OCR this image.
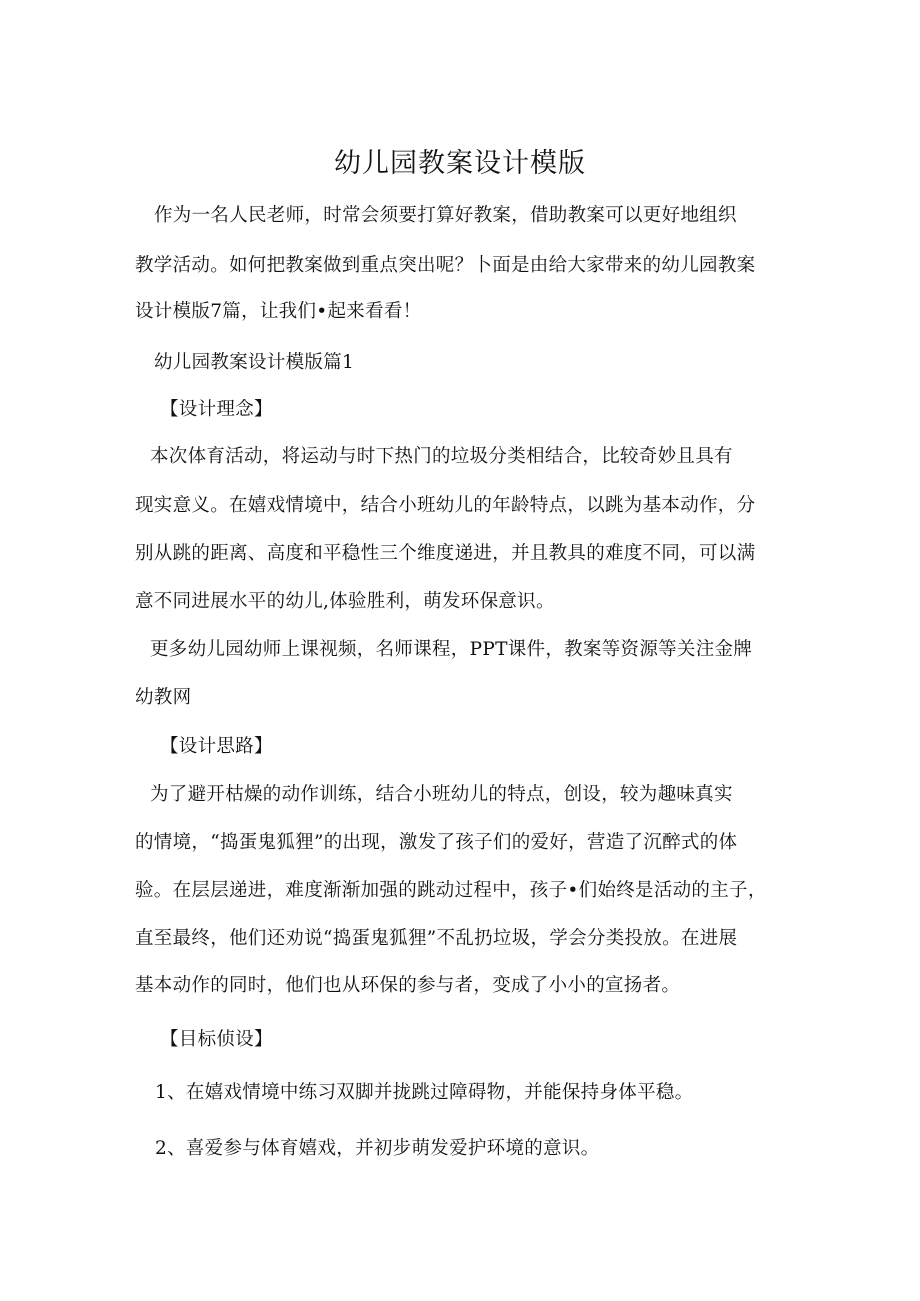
幼儿园教案设计模版
作为一名人民老师，时常会须要打算好教案，借助教案可以更好地组织
教学活动。如何把教案做到重点突出呢？卜面是由给大家带来的幼儿园教案
设计模版7篇，让我们•起来看看！
幼儿园教案设计模版篇1
【设计理念】
本次体育活动，将运动与时下热门的垃圾分类相结合，比较奇妙且具有
现实意义。在嬉戏情境中，结合小班幼儿的年龄特点，以跳为基本动作，分
别从跳的距离、高度和平稳性三个维度递进，并且教具的难度不同，可以满
意不同进展水平的幼儿,体验胜利，萌发环保意识。
更多幼儿园幼师上课视频，名师课程，PPT课件，教案等资源等关注金牌
幼教网
【设计思路】
为了避开枯燥的动作训练，结合小班幼儿的特点，创设，较为趣味真实
的情境，“捣蛋鬼狐狸”的出现，激发了孩子们的爱好，营造了沉醉式的体
验。在层层递进，难度渐渐加强的跳动过程中，孩子•们始终是活动的主子，
直至最终，他们还劝说“捣蛋鬼狐狸”不乱扔垃圾，学会分类投放。在进展
基本动作的同时，他们也从环保的参与者，变成了小小的宣扬者。
【目标侦设】
1、在嬉戏情境中练习双脚并拢跳过障碍物，并能保持身体平稳。
2、喜爱参与体育嬉戏，并初步萌发爱护环境的意识。
